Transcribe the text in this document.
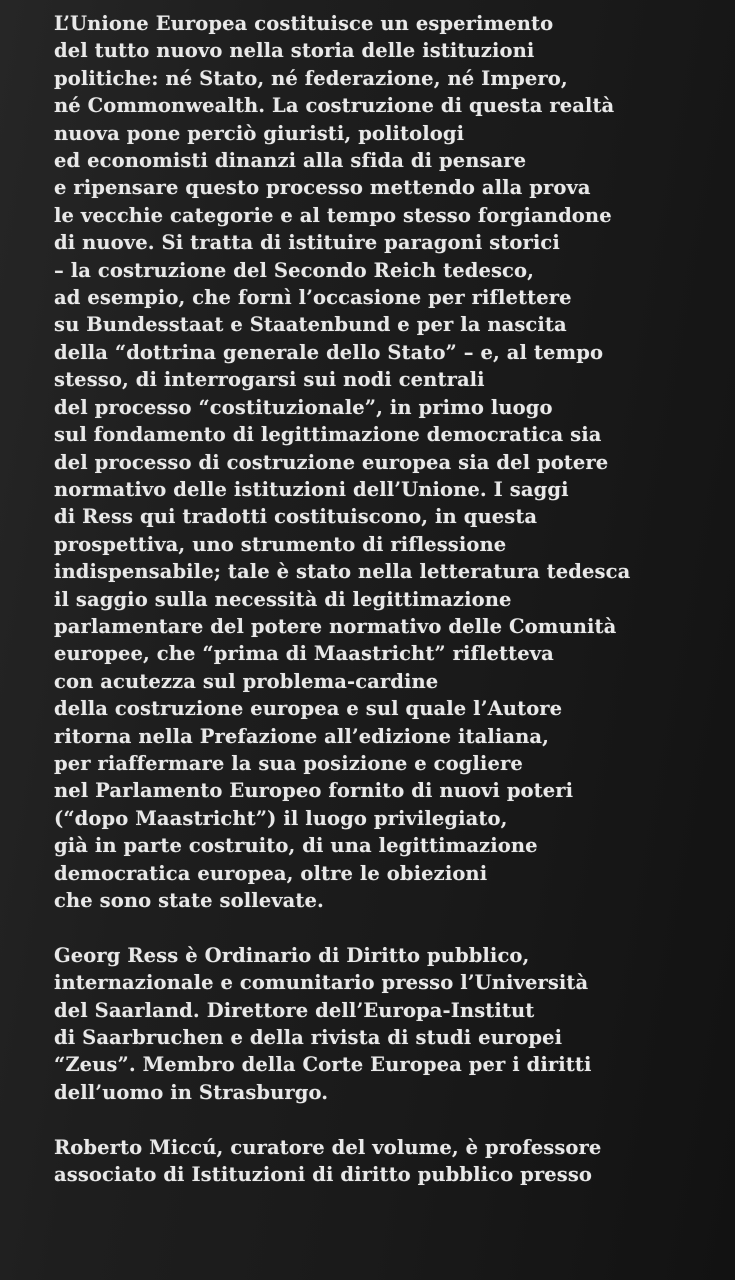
L’Unione Europea costituisce un esperimento
del tutto nuovo nella storia delle istituzioni
politiche: né Stato, né federazione, né Impero,
né Commonwealth. La costruzione di questa realtà
nuova pone perciò giuristi, politologi
ed economisti dinanzi alla sfida di pensare
e ripensare questo processo mettendo alla prova
le vecchie categorie e al tempo stesso forgiandone
di nuove. Si tratta di istituire paragoni storici
– la costruzione del Secondo Reich tedesco,
ad esempio, che fornì l’occasione per riflettere
su Bundesstaat e Staatenbund e per la nascita
della “dottrina generale dello Stato” – e, al tempo
stesso, di interrogarsi sui nodi centrali
del processo “costituzionale”, in primo luogo
sul fondamento di legittimazione democratica sia
del processo di costruzione europea sia del potere
normativo delle istituzioni dell’Unione. I saggi
di Ress qui tradotti costituiscono, in questa
prospettiva, uno strumento di riflessione
indispensabile; tale è stato nella letteratura tedesca
il saggio sulla necessità di legittimazione
parlamentare del potere normativo delle Comunità
europee, che “prima di Maastricht” rifletteva
con acutezza sul problema-cardine
della costruzione europea e sul quale l’Autore
ritorna nella Prefazione all’edizione italiana,
per riaffermare la sua posizione e cogliere
nel Parlamento Europeo fornito di nuovi poteri
(“dopo Maastricht”) il luogo privilegiato,
già in parte costruito, di una legittimazione
democratica europea, oltre le obiezioni
che sono state sollevate.
Georg Ress è Ordinario di Diritto pubblico,
internazionale e comunitario presso l’Università
del Saarland. Direttore dell’Europa-Institut
di Saarbruchen e della rivista di studi europei
“Zeus”. Membro della Corte Europea per i diritti
dell’uomo in Strasburgo.
Roberto Miccú, curatore del volume, è professore
associato di Istituzioni di diritto pubblico presso
